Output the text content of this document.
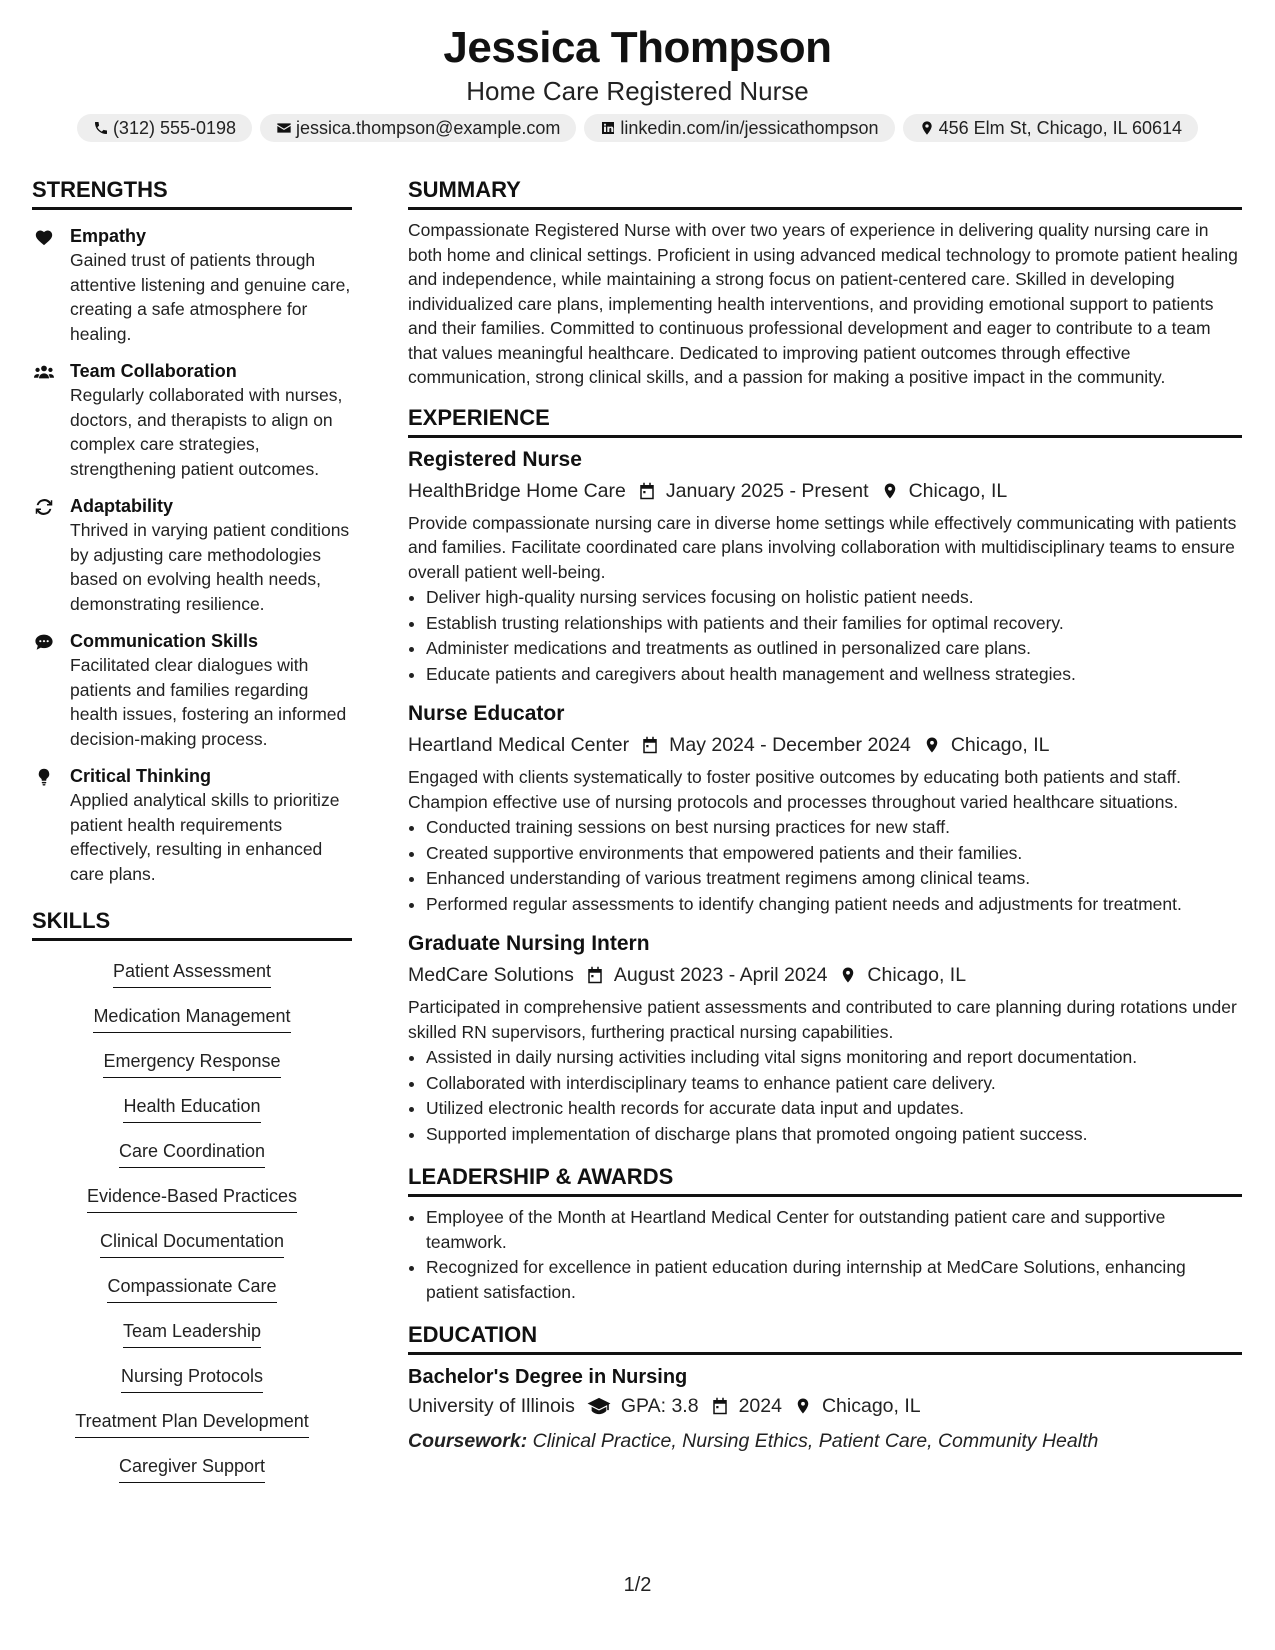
Jessica Thompson
Home Care Registered Nurse
(312) 555-0198	jessica.thompson@example.com	linkedin.com/in/jessicathompson	456 Elm St, Chicago, IL 60614
STRENGTHS
Empathy
Gained trust of patients through attentive listening and genuine care, creating a safe atmosphere for healing.
Team Collaboration
Regularly collaborated with nurses, doctors, and therapists to align on complex care strategies, strengthening patient outcomes.
Adaptability
Thrived in varying patient conditions by adjusting care methodologies based on evolving health needs, demonstrating resilience.
Communication Skills
Facilitated clear dialogues with patients and families regarding health issues, fostering an informed decision-making process.
Critical Thinking
Applied analytical skills to prioritize patient health requirements effectively, resulting in enhanced care plans.
SKILLS
Patient Assessment
Medication Management
Emergency Response
Health Education
Care Coordination
Evidence-Based Practices
Clinical Documentation
Compassionate Care
Team Leadership
Nursing Protocols
Treatment Plan Development
Caregiver Support
SUMMARY

Compassionate Registered Nurse with over two years of experience in delivering quality nursing care in both home and clinical settings. Proficient in using advanced medical technology to promote patient healing and independence, while maintaining a strong focus on patient-centered care. Skilled in developing individualized care plans, implementing health interventions, and providing emotional support to patients and their families. Committed to continuous professional development and eager to contribute to a team that values meaningful healthcare. Dedicated to improving patient outcomes through effective communication, strong clinical skills, and a passion for making a positive impact in the community.

EXPERIENCE
Registered Nurse
HealthBridge Home Care January 2025 - Present Chicago, IL

Provide compassionate nursing care in diverse home settings while effectively communicating with patients and families. Facilitate coordinated care plans involving collaboration with multidisciplinary teams to ensure overall patient well-being.

• Deliver high-quality nursing services focusing on holistic patient needs.
• Establish trusting relationships with patients and their families for optimal recovery.
• Administer medications and treatments as outlined in personalized care plans.
• Educate patients and caregivers about health management and wellness strategies.
Nurse Educator
Heartland Medical Center May 2024 - December 2024 Chicago, IL

Engaged with clients systematically to foster positive outcomes by educating both patients and staff. Champion effective use of nursing protocols and processes throughout varied healthcare situations.

• Conducted training sessions on best nursing practices for new staff.
• Created supportive environments that empowered patients and their families.
• Enhanced understanding of various treatment regimens among clinical teams.
• Performed regular assessments to identify changing patient needs and adjustments for treatment.
Graduate Nursing Intern
MedCare Solutions August 2023 - April 2024 Chicago, IL

Participated in comprehensive patient assessments and contributed to care planning during rotations under skilled RN supervisors, furthering practical nursing capabilities.

• Assisted in daily nursing activities including vital signs monitoring and report documentation.
• Collaborated with interdisciplinary teams to enhance patient care delivery.
• Utilized electronic health records for accurate data input and updates.
• Supported implementation of discharge plans that promoted ongoing patient success.
LEADERSHIP & AWARDS
• Employee of the Month at Heartland Medical Center for outstanding patient care and supportive teamwork.
• Recognized for excellence in patient education during internship at MedCare Solutions, enhancing patient satisfaction.
EDUCATION
Bachelor's Degree in Nursing
University of Illinois GPA: 3.8 2024 Chicago, IL
Coursework: Clinical Practice, Nursing Ethics, Patient Care, Community Health
1/2
